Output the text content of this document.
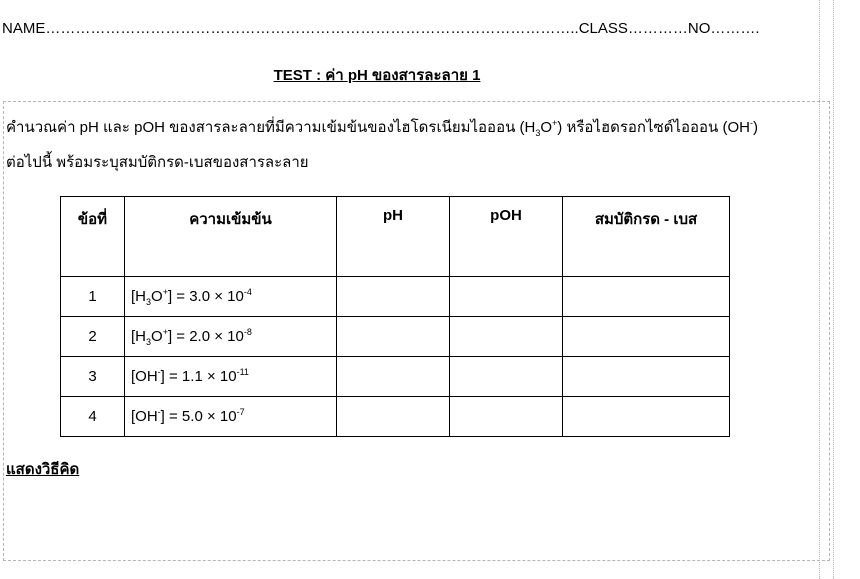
NAME……………………………………………………………………………………………..CLASS…………NO……….
TEST : ค่า pH ของสารละลาย 1
คำนวณค่า pH และ pOH ของสารละลายที่มีความเข้มข้นของไฮโดรเนียมไอออน $(H_3O^+)$ หรือไฮดรอกไซด์ไอออน (OH-)
ต่อไปนี้ พร้อมระบุสมบัติกรด-เบสของสารละลาย
ข้อที่	ความเข้มข้น	pH	pOH	สมบัติกรด - เบส
1	$[H_3O^+] = 3.0 \times 10^{-4}$			
2	$[H_3O^+] = 2.0 \times 10^{-8}$			
3	$[OH^-] = 1.1 \times 10^{-11}$			
4	$[OH^-] = 5.0 \times 10^{-7}$			
แสดงวิธีคิด
